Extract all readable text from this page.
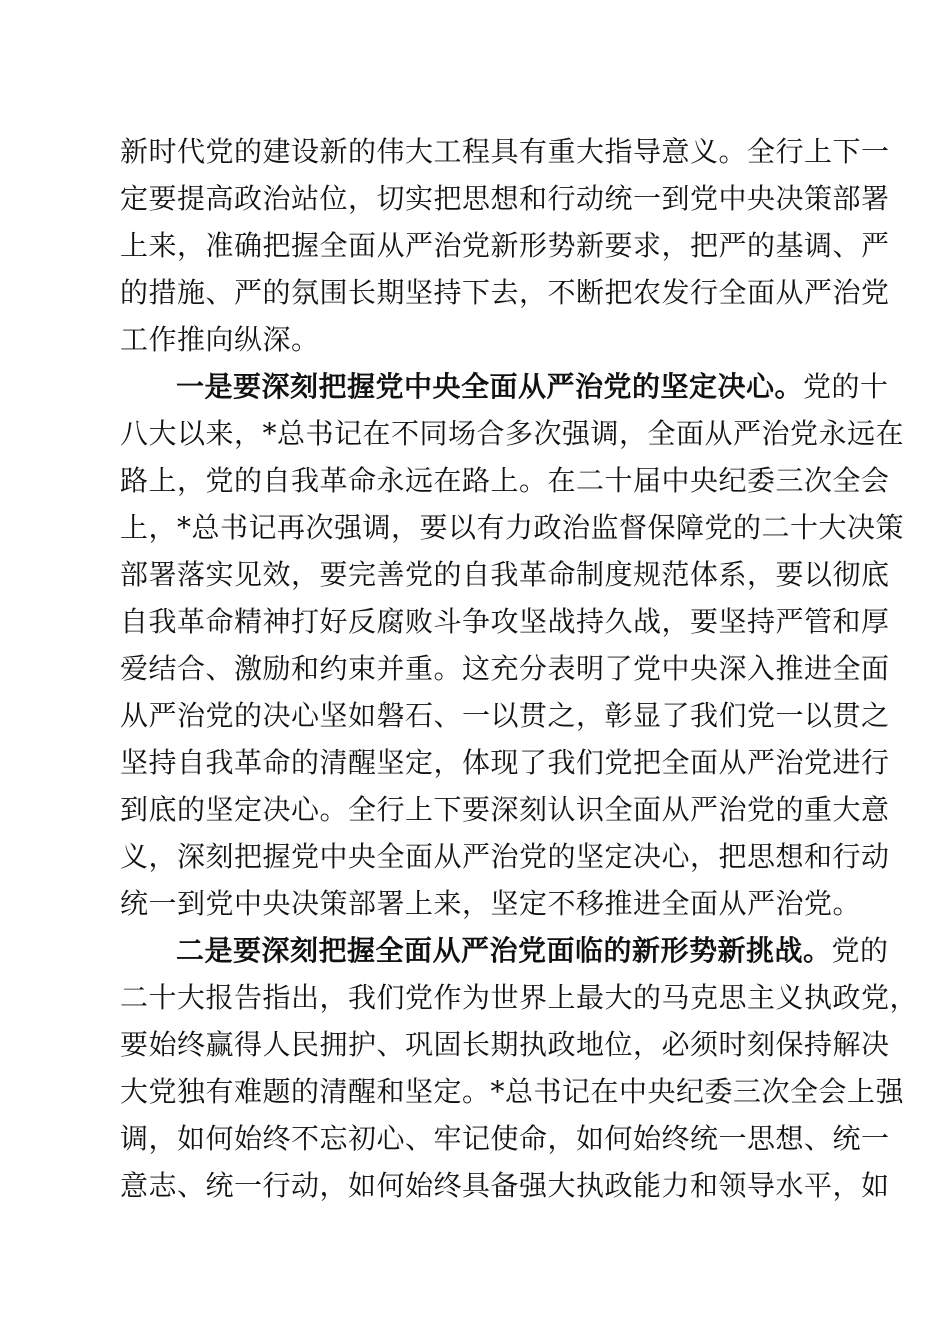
新时代党的建设新的伟大工程具有重大指导意义。全行上下一
定要提高政治站位，切实把思想和行动统一到党中央决策部署
上来，准确把握全面从严治党新形势新要求，把严的基调、严
的措施、严的氛围长期坚持下去，不断把农发行全面从严治党
工作推向纵深。
一是要深刻把握党中央全面从严治党的坚定决心。党的十
八大以来，*总书记在不同场合多次强调，全面从严治党永远在
路上，党的自我革命永远在路上。在二十届中央纪委三次全会
上，*总书记再次强调，要以有力政治监督保障党的二十大决策
部署落实见效，要完善党的自我革命制度规范体系，要以彻底
自我革命精神打好反腐败斗争攻坚战持久战，要坚持严管和厚
爱结合、激励和约束并重。这充分表明了党中央深入推进全面
从严治党的决心坚如磐石、一以贯之，彰显了我们党一以贯之
坚持自我革命的清醒坚定，体现了我们党把全面从严治党进行
到底的坚定决心。全行上下要深刻认识全面从严治党的重大意
义，深刻把握党中央全面从严治党的坚定决心，把思想和行动
统一到党中央决策部署上来，坚定不移推进全面从严治党。
二是要深刻把握全面从严治党面临的新形势新挑战。党的
二十大报告指出，我们党作为世界上最大的马克思主义执政党，
要始终赢得人民拥护、巩固长期执政地位，必须时刻保持解决
大党独有难题的清醒和坚定。*总书记在中央纪委三次全会上强
调，如何始终不忘初心、牢记使命，如何始终统一思想、统一
意志、统一行动，如何始终具备强大执政能力和领导水平，如
